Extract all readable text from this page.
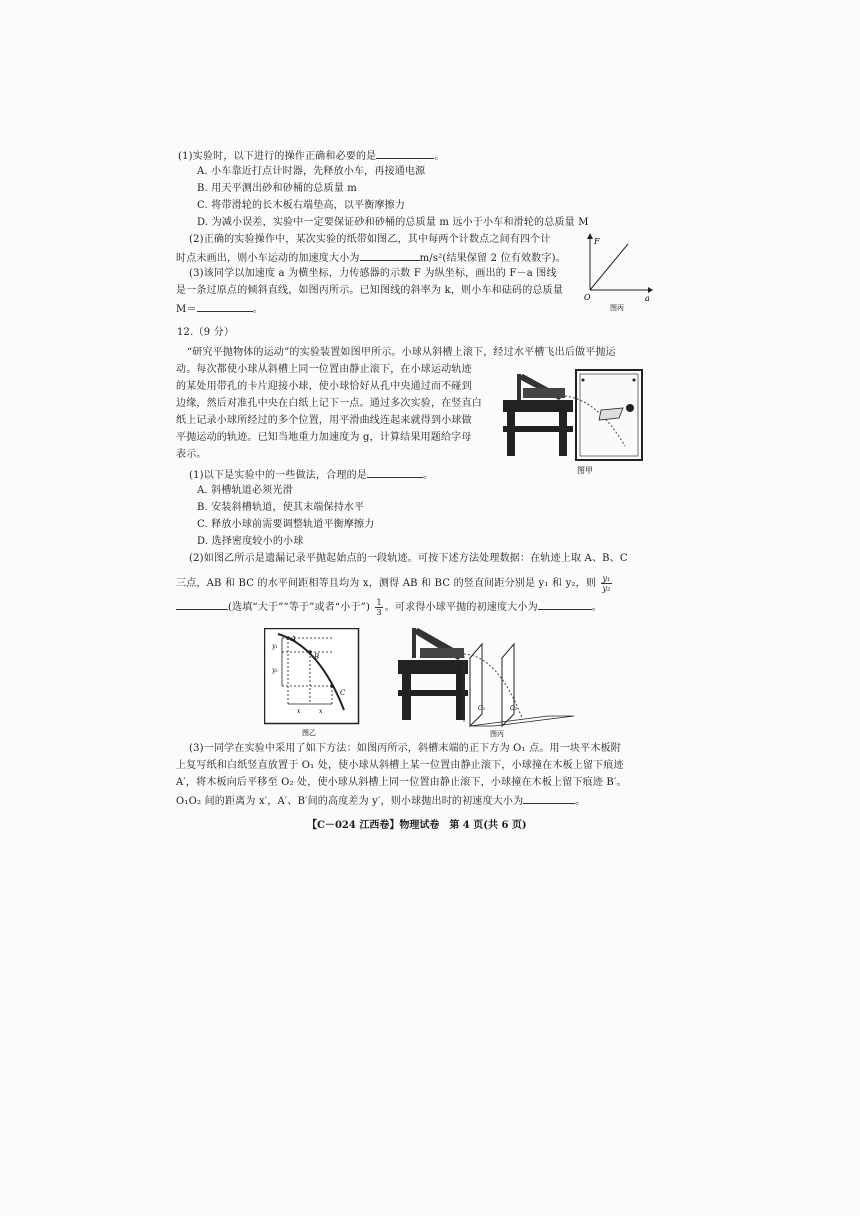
(1)实验时，以下进行的操作正确和必要的是	。
A. 小车靠近打点计时器，先释放小车，再接通电源
B. 用天平测出砂和砂桶的总质量 m
C. 将带滑轮的长木板右端垫高，以平衡摩擦力
D. 为减小误差，实验中一定要保证砂和砂桶的总质量 m 远小于小车和滑轮的总质量 M
(2)正确的实验操作中，某次实验的纸带如图乙，其中每两个计数点之间有四个计
时点未画出，则小车运动的加速度大小为	m/s²(结果保留 2 位有效数字)。
(3)该同学以加速度 a 为横坐标，力传感器的示数 F 为纵坐标，画出的 F－a 图线
是一条过原点的倾斜直线，如图丙所示。已知图线的斜率为 k，则小车和砝码的总质量
M＝	。
F
a
O
图丙
12.（9 分）
“研究平抛物体的运动”的实验装置如图甲所示。小球从斜槽上滚下，经过水平槽飞出后做平抛运
动。每次都使小球从斜槽上同一位置由静止滚下，在小球运动轨迹
的某处用带孔的卡片迎接小球，使小球恰好从孔中央通过而不碰到
边缘，然后对准孔中央在白纸上记下一点。通过多次实验，在竖直白
纸上记录小球所经过的多个位置，用平滑曲线连起来就得到小球做
平抛运动的轨迹。已知当地重力加速度为 g，计算结果用题给字母
表示。
图甲
(1)以下是实验中的一些做法，合理的是	。
A. 斜槽轨道必须光滑
B. 安装斜槽轨道，使其末端保持水平
C. 释放小球前需要调整轨道平衡摩擦力
D. 选择密度较小的小球
(2)如图乙所示是遗漏记录平抛起始点的一段轨迹。可按下述方法处理数据：在轨迹上取 A、B、C
三点，AB 和 BC 的水平间距相等且均为 x，测得 AB 和 BC 的竖直间距分别是 y₁ 和 y₂，则 $\frac{\text{y₁}}{\text{y₂}}$
(选填“大于”“等于”或者“小于”) $\frac{1}{3}$ 。可求得小球平抛的初速度大小为	。
A
B
C
y₁
y₂
x	x
图乙
O₁	O₂
图丙
(3)一同学在实验中采用了如下方法：如图丙所示，斜槽末端的正下方为 O₁ 点。用一块平木板附
上复写纸和白纸竖直放置于 O₁ 处，使小球从斜槽上某一位置由静止滚下，小球撞在木板上留下痕迹
A′，将木板向后平移至 O₂ 处，使小球从斜槽上同一位置由静止滚下，小球撞在木板上留下痕迹 B′。
O₁O₂ 间的距离为 x′，A′、B′间的高度差为 y′，则小球抛出时的初速度大小为	。
【C－024 江西卷】物理试卷　第 4 页(共 6 页)
